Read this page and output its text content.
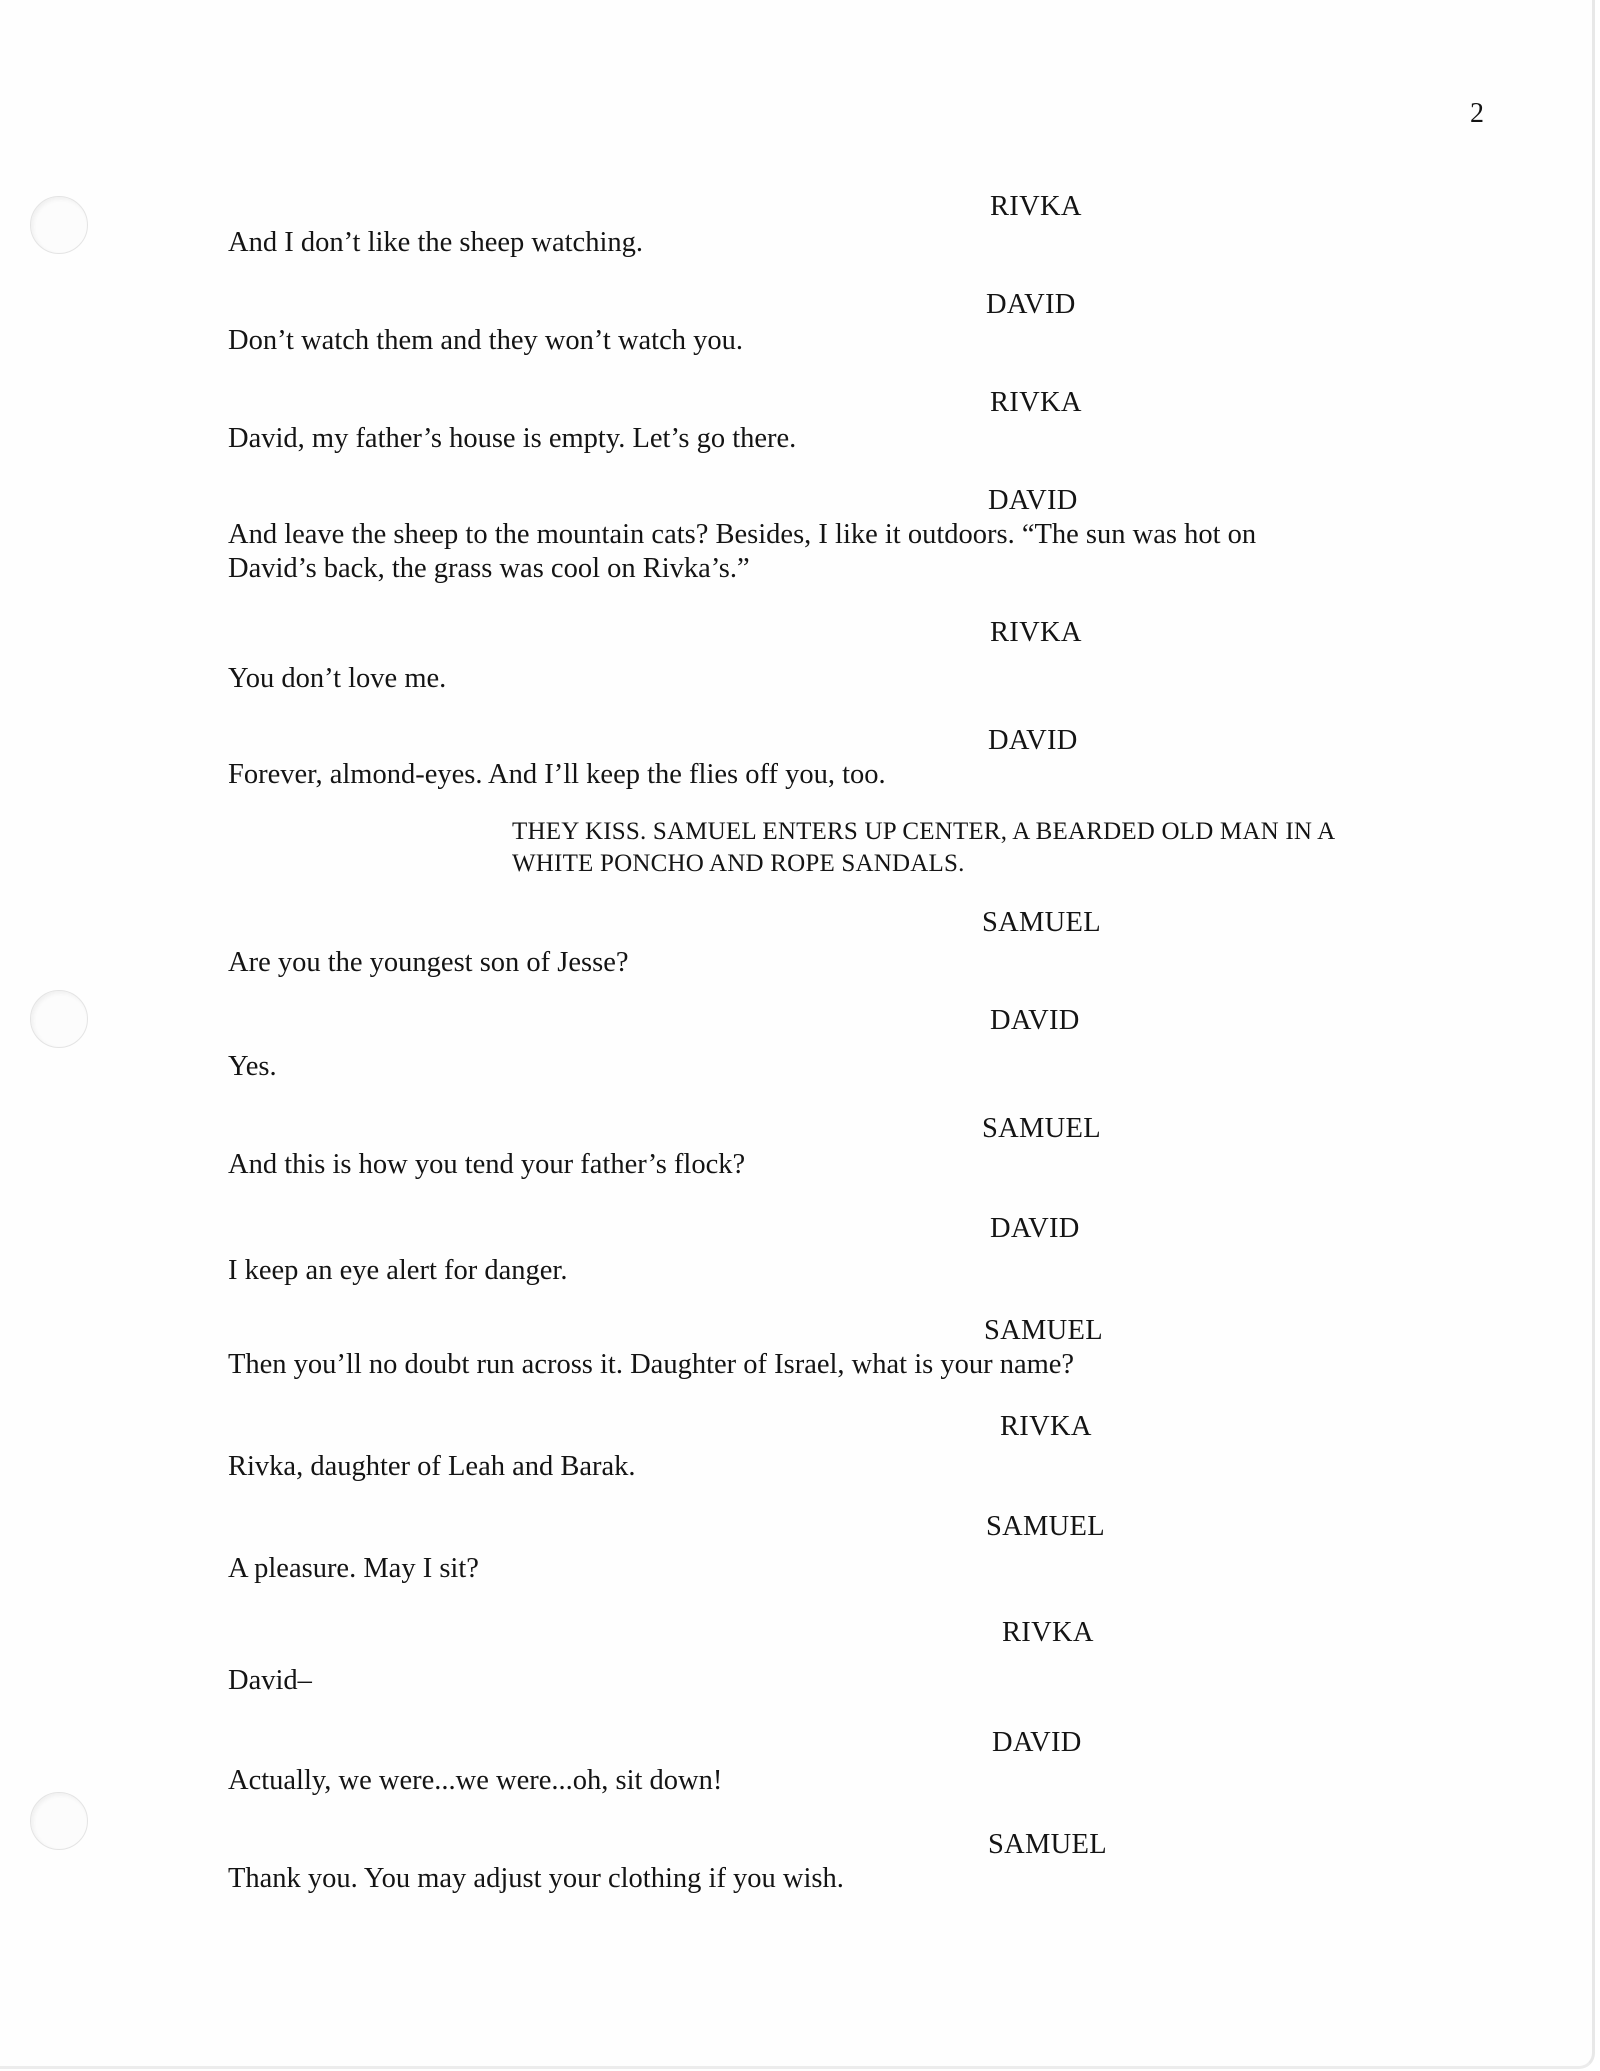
2
RIVKA
And I don’t like the sheep watching.
DAVID
Don’t watch them and they won’t watch you.
RIVKA
David, my father’s house is empty. Let’s go there.
DAVID
And leave the sheep to the mountain cats? Besides, I like it outdoors. “The sun was hot on
David’s back, the grass was cool on Rivka’s.”
RIVKA
You don’t love me.
DAVID
Forever, almond-eyes. And I’ll keep the flies off you, too.
THEY KISS. SAMUEL ENTERS UP CENTER, A BEARDED OLD MAN IN A
WHITE PONCHO AND ROPE SANDALS.
SAMUEL
Are you the youngest son of Jesse?
DAVID
Yes.
SAMUEL
And this is how you tend your father’s flock?
DAVID
I keep an eye alert for danger.
SAMUEL
Then you’ll no doubt run across it. Daughter of Israel, what is your name?
RIVKA
Rivka, daughter of Leah and Barak.
SAMUEL
A pleasure. May I sit?
RIVKA
David–
DAVID
Actually, we were...we were...oh, sit down!
SAMUEL
Thank you. You may adjust your clothing if you wish.
